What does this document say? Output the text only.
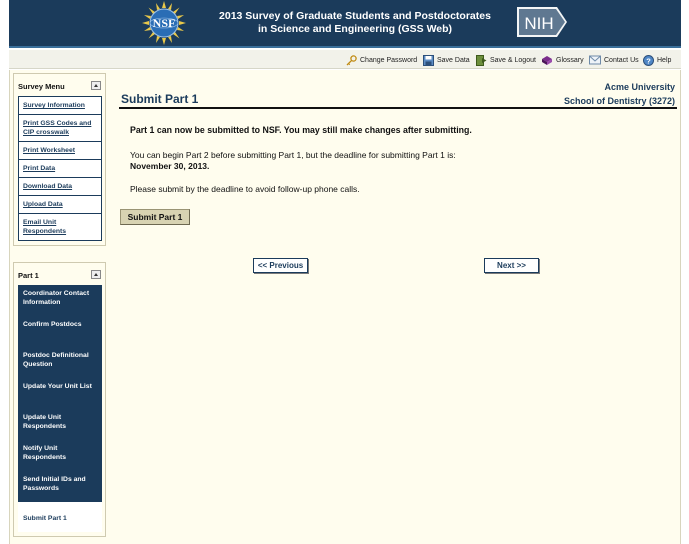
NSF	2013 Survey of Graduate Students and Postdoctorates
in Science and Engineering (GSS Web)	NIH
Change Password	Save Data	Save & Logout	Glossary	Contact Us ? Help
Survey Menu
Survey Information
Print GSS Codes and CIP crosswalk
Print Worksheet
Print Data
Download Data
Upload Data
Email Unit Respondents
Part 1
Coordinator Contact Information
Confirm Postdocs
Postdoc Definitional Question
Update Your Unit List
Update Unit Respondents
Notify Unit Respondents
Send Initial IDs and Passwords
Submit Part 1
Acme University
School of Dentistry (3272)
Submit Part 1
Part 1 can now be submitted to NSF. You may still make changes after submitting.
You can begin Part 2 before submitting Part 1, but the deadline for submitting Part 1 is:
November 30, 2013.
Please submit by the deadline to avoid follow-up phone calls.
Submit Part 1
<< Previous	Next >>
